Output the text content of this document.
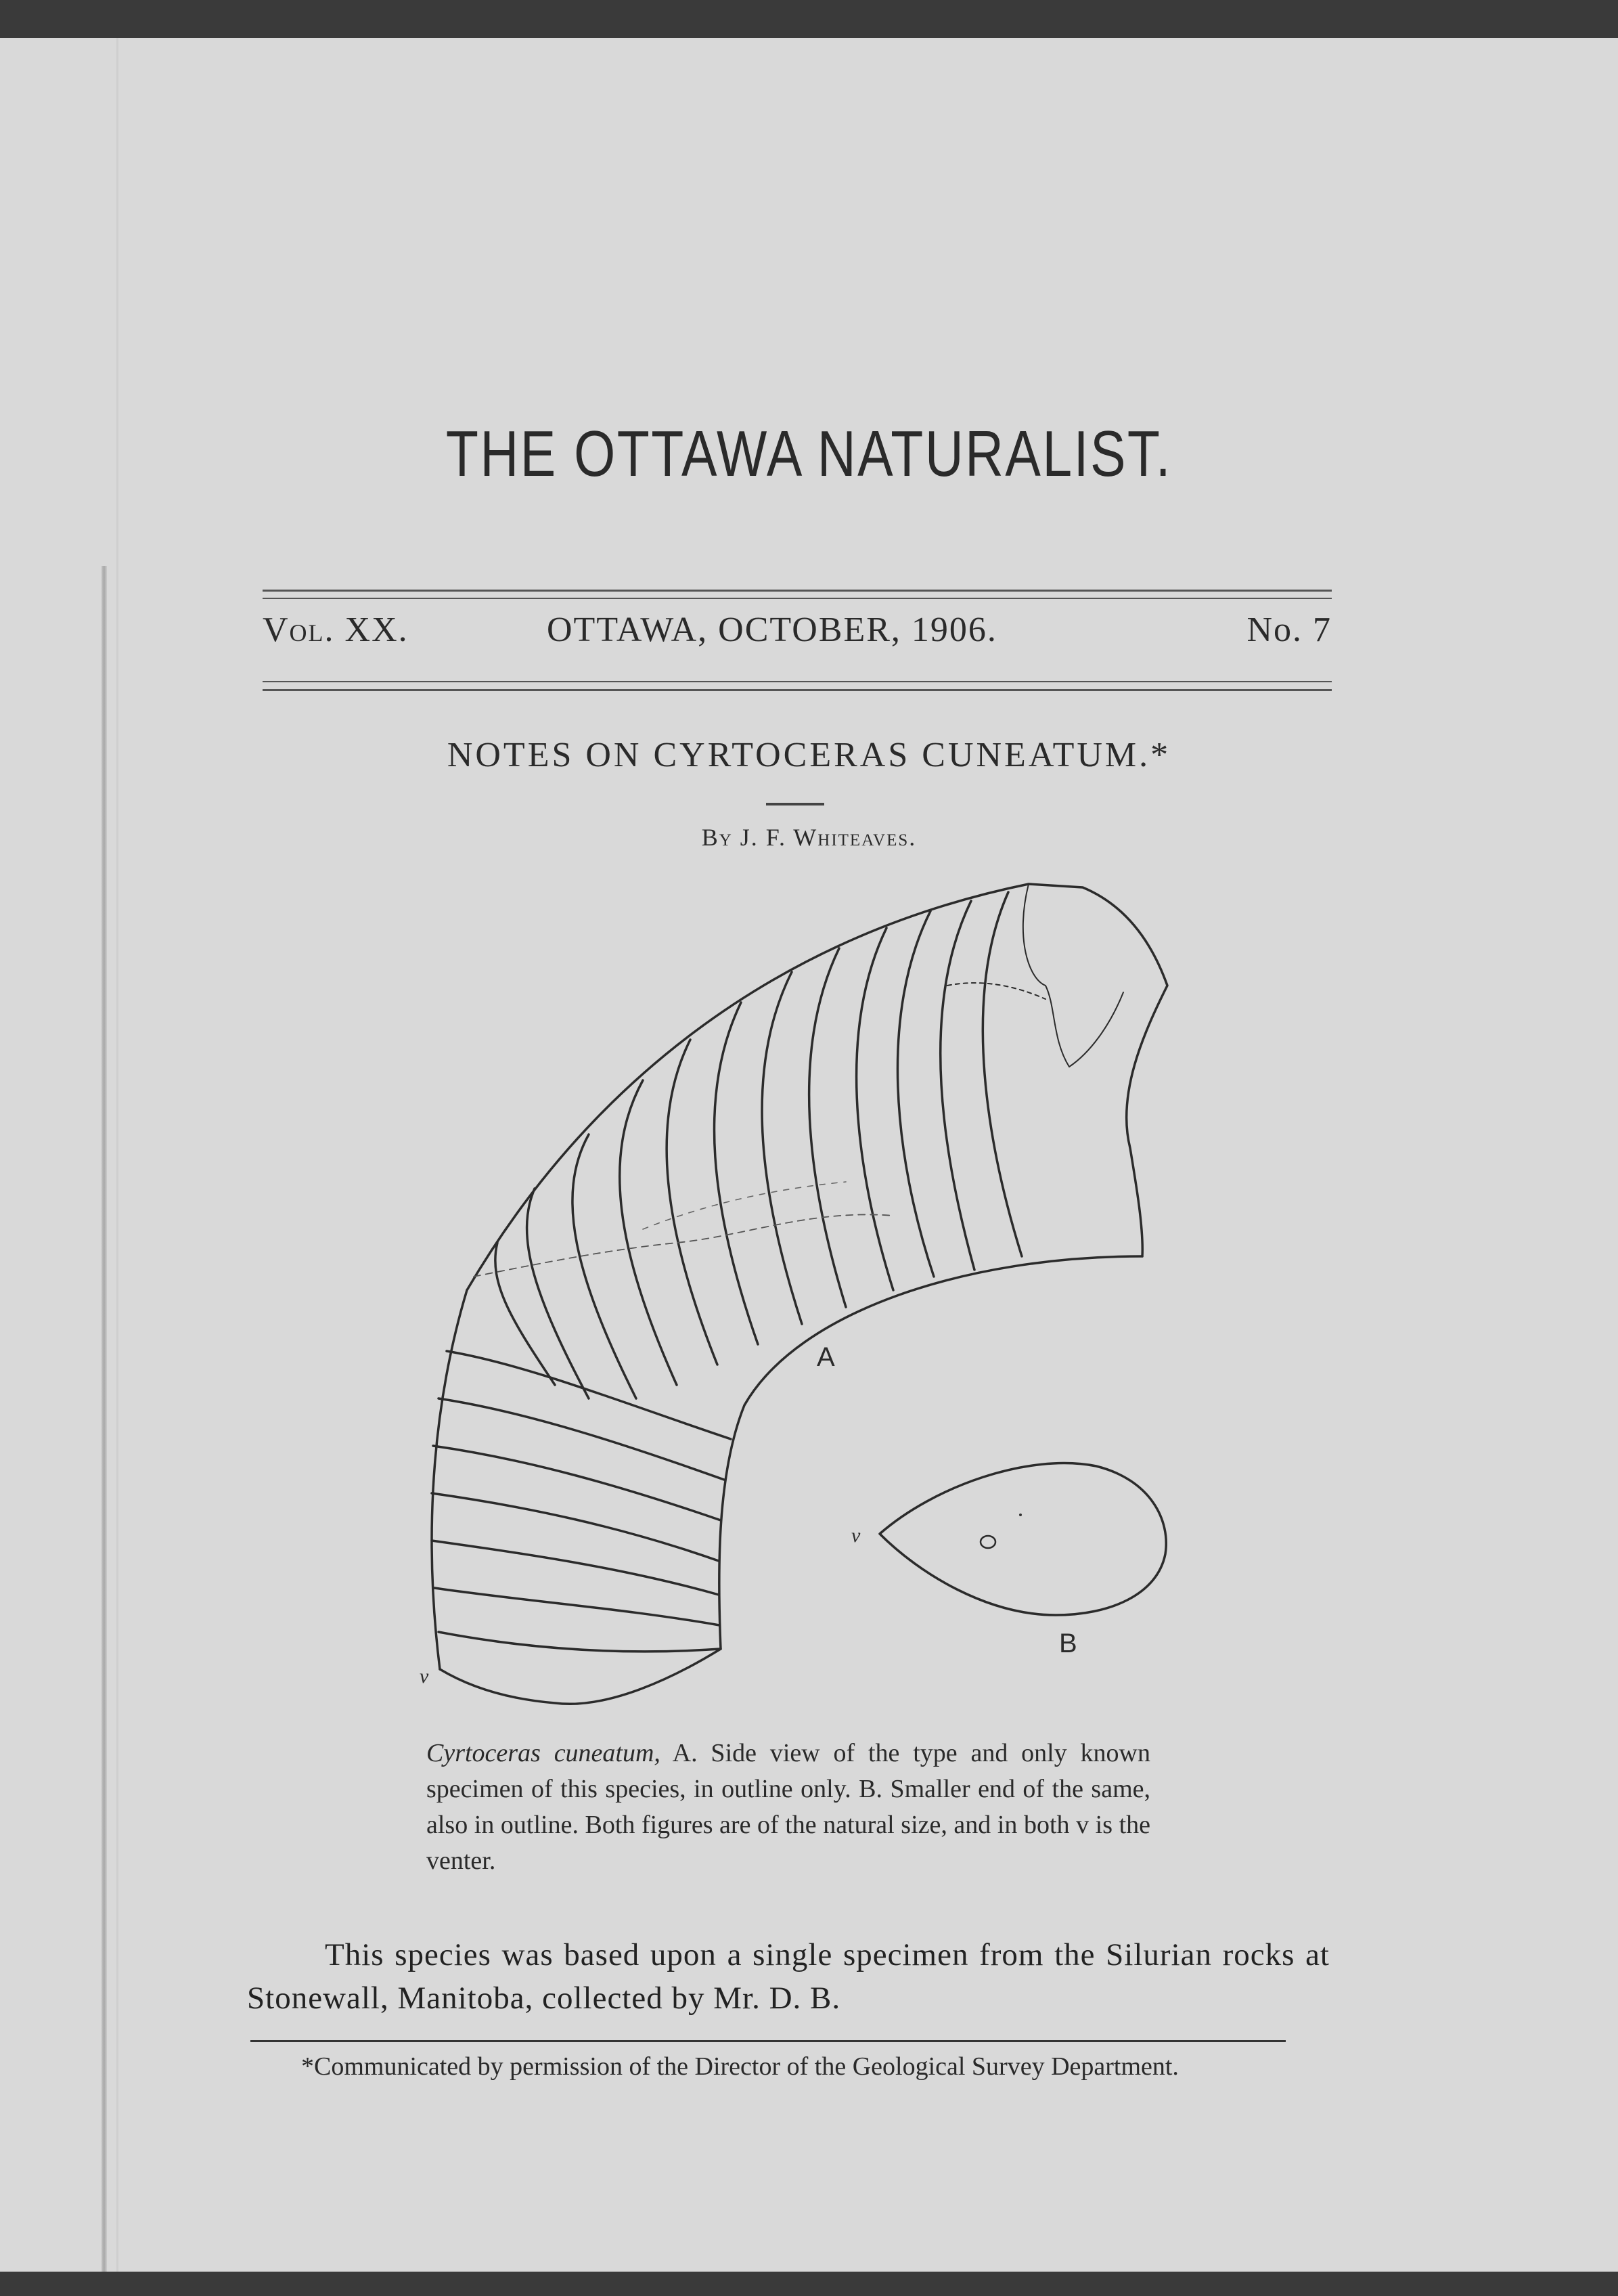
THE OTTAWA NATURALIST.
Vol. XX.	OTTAWA, OCTOBER, 1906.	No. 7
NOTES ON CYRTOCERAS CUNEATUM.*
By J. F. Whiteaves.
A
B
v
v
Cyrtoceras cuneatum, A. Side view of the type and only known specimen of this species, in outline only. B. Smaller end of the same, also in outline. Both figures are of the natural size, and in both v is the venter.
This species was based upon a single specimen from the Silurian rocks at Stonewall, Manitoba, collected by Mr. D. B.
*Communicated by permission of the Director of the Geological Survey Department.
